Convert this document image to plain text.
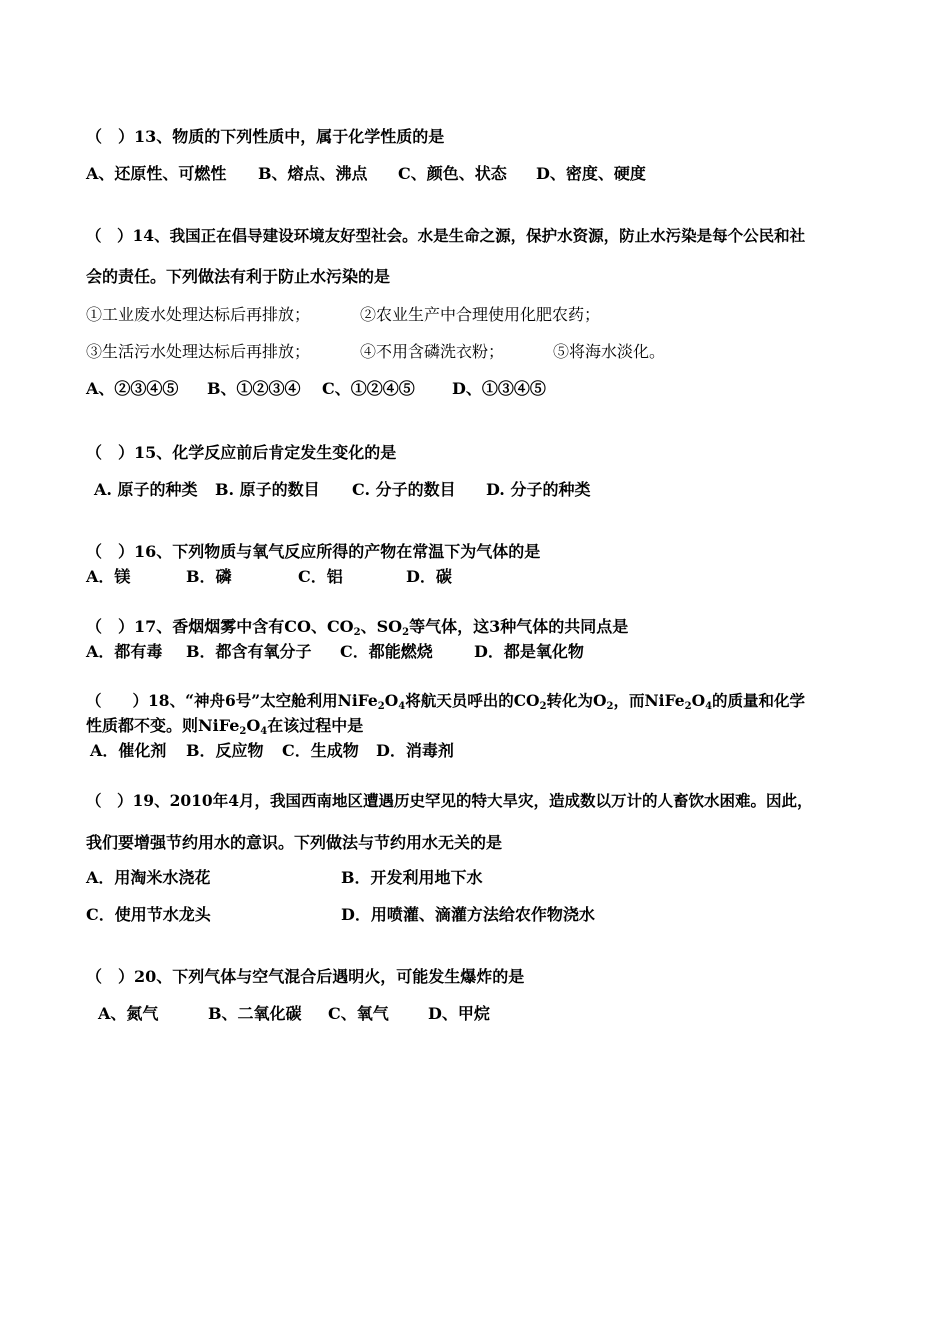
（　）13、物质的下列性质中，属于化学性质的是
A、还原性、可燃性 B、熔点、沸点 C、颜色、状态 D、密度、硬度
（　）14、我国正在倡导建设环境友好型社会。水是生命之源，保护水资源，防止水污染是每个公民和社
会的责任。下列做法有利于防止水污染的是
①工业废水处理达标后再排放；	②农业生产中合理使用化肥农药；
③生活污水处理达标后再排放；	④不用含磷洗衣粉；	⑤将海水淡化。
A、②③④⑤ B、①②③④ C、①②④⑤ D、①③④⑤
（　）15、化学反应前后肯定发生变化的是
A. 原子的种类 B. 原子的数目 C. 分子的数目 D. 分子的种类
（　）16、下列物质与氧气反应所得的产物在常温下为气体的是
A．镁	B．磷	C．铝	D．碳
（　）17、香烟烟雾中含有CO、$CO_2$、$SO_2$等气体，这3种气体的共同点是
A．都有毒 B．都含有氧分子 C．都能燃烧	D．都是氧化物
（　　）18、“神舟6号”太空舱利用$NiFe_2O_4$将航天员呼出的$CO_2$转化为$O_2$，而$NiFe_2O_4$的质量和化学
性质都不变。则$NiFe_2O_4$在该过程中是
A．催化剂 B．反应物 C．生成物 D．消毒剂
（　）19、2010年4月，我国西南地区遭遇历史罕见的特大旱灾，造成数以万计的人畜饮水困难。因此，
我们要增强节约用水的意识。下列做法与节约用水无关的是
A．用淘米水浇花	B．开发利用地下水
C．使用节水龙头	D．用喷灌、滴灌方法给农作物浇水
（　）20、下列气体与空气混合后遇明火，可能发生爆炸的是
A、氮气	B、二氧化碳 C、氧气 D、甲烷
